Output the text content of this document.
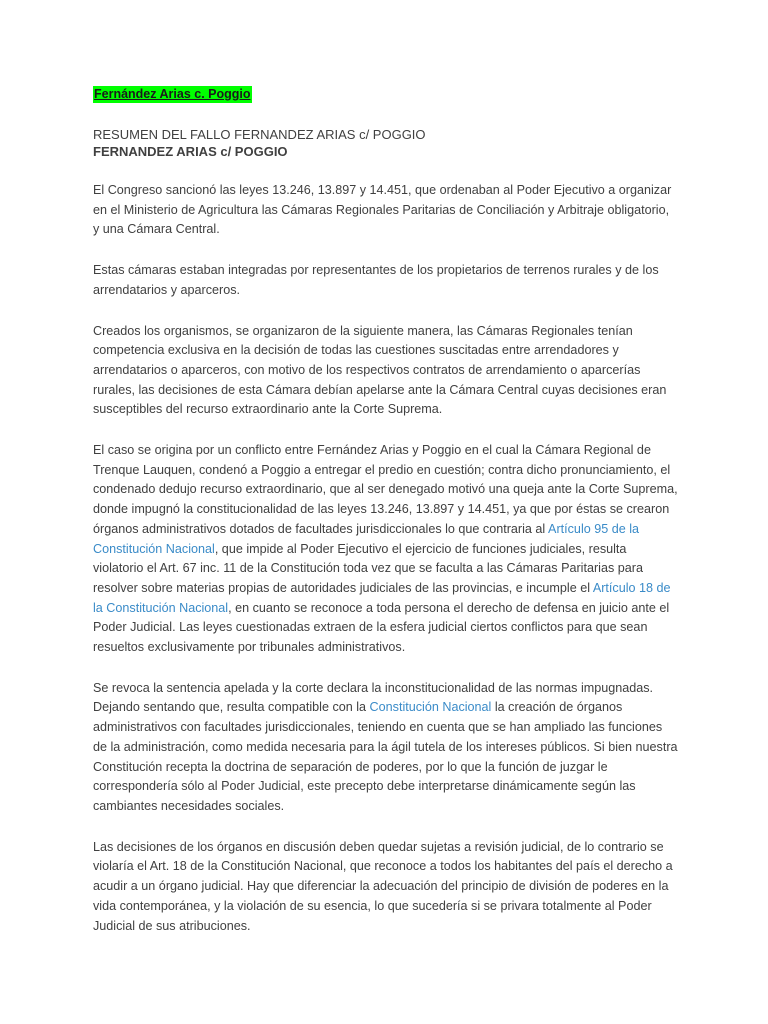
Fernández Arias c. Poggio
RESUMEN DEL FALLO FERNANDEZ ARIAS c/ POGGIO
FERNANDEZ ARIAS c/ POGGIO

El Congreso sancionó las leyes 13.246, 13.897 y 14.451, que ordenaban al Poder Ejecutivo a organizar en el Ministerio de Agricultura las Cámaras Regionales Paritarias de Conciliación y Arbitraje obligatorio, y una Cámara Central.

Estas cámaras estaban integradas por representantes de los propietarios de terrenos rurales y de los arrendatarios y aparceros.

Creados los organismos, se organizaron de la siguiente manera, las Cámaras Regionales tenían competencia exclusiva en la decisión de todas las cuestiones suscitadas entre arrendadores y arrendatarios o aparceros, con motivo de los respectivos contratos de arrendamiento o aparcerías rurales, las decisiones de esta Cámara debían apelarse ante la Cámara Central cuyas decisiones eran susceptibles del recurso extraordinario ante la Corte Suprema.

El caso se origina por un conflicto entre Fernández Arias y Poggio en el cual la Cámara Regional de Trenque Lauquen, condenó a Poggio a entregar el predio en cuestión; contra dicho pronunciamiento, el condenado dedujo recurso extraordinario, que al ser denegado motivó una queja ante la Corte Suprema, donde impugnó la constitucionalidad de las leyes 13.246, 13.897 y 14.451, ya que por éstas se crearon órganos administrativos dotados de facultades jurisdiccionales lo que contraria al Artículo 95 de la Constitución Nacional, que impide al Poder Ejecutivo el ejercicio de funciones judiciales, resulta violatorio el Art. 67 inc. 11 de la Constitución toda vez que se faculta a las Cámaras Paritarias para resolver sobre materias propias de autoridades judiciales de las provincias, e incumple el Artículo 18 de la Constitución Nacional, en cuanto se reconoce a toda persona el derecho de defensa en juicio ante el Poder Judicial. Las leyes cuestionadas extraen de la esfera judicial ciertos conflictos para que sean resueltos exclusivamente por tribunales administrativos.

Se revoca la sentencia apelada y la corte declara la inconstitucionalidad de las normas impugnadas. Dejando sentando que, resulta compatible con la Constitución Nacional la creación de órganos administrativos con facultades jurisdiccionales, teniendo en cuenta que se han ampliado las funciones de la administración, como medida necesaria para la ágil tutela de los intereses públicos. Si bien nuestra Constitución recepta la doctrina de separación de poderes, por lo que la función de juzgar le correspondería sólo al Poder Judicial, este precepto debe interpretarse dinámicamente según las cambiantes necesidades sociales.

Las decisiones de los órganos en discusión deben quedar sujetas a revisión judicial, de lo contrario se violaría el Art. 18 de la Constitución Nacional, que reconoce a todos los habitantes del país el derecho a acudir a un órgano judicial. Hay que diferenciar la adecuación del principio de división de poderes en la vida contemporánea, y la violación de su esencia, lo que sucedería si se privara totalmente al Poder Judicial de sus atribuciones.
